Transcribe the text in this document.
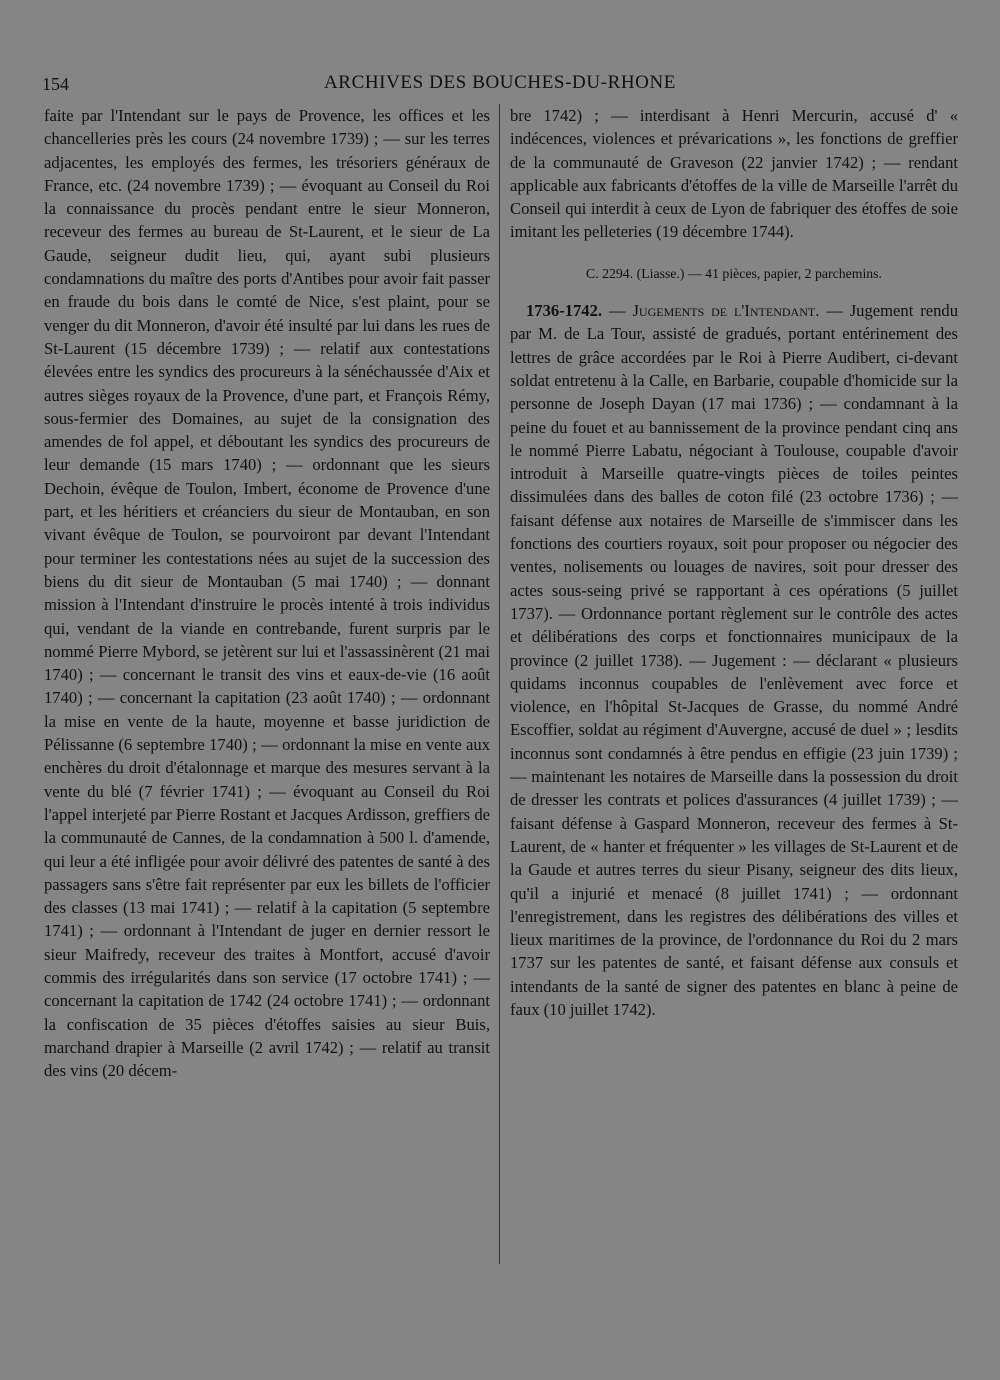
154	ARCHIVES DES BOUCHES-DU-RHONE

faite par l'Intendant sur le pays de Provence, les offices et les chancelleries près les cours (24 novembre 1739) ; — sur les terres adjacentes, les employés des fermes, les trésoriers généraux de France, etc. (24 novembre 1739) ; — évoquant au Conseil du Roi la connaissance du procès pendant entre le sieur Monneron, receveur des fermes au bureau de St-Laurent, et le sieur de La Gaude, seigneur dudit lieu, qui, ayant subi plusieurs condamnations du maître des ports d'Antibes pour avoir fait passer en fraude du bois dans le comté de Nice, s'est plaint, pour se venger du dit Monneron, d'avoir été insulté par lui dans les rues de St-Laurent (15 décembre 1739) ; — relatif aux contestations élevées entre les syndics des procureurs à la sénéchaussée d'Aix et autres sièges royaux de la Provence, d'une part, et François Rémy, sous-fermier des Domaines, au sujet de la consignation des amendes de fol appel, et déboutant les syndics des procureurs de leur demande (15 mars 1740) ; — ordonnant que les sieurs Dechoin, évêque de Toulon, Imbert, économe de Provence d'une part, et les héritiers et créanciers du sieur de Montauban, en son vivant évêque de Toulon, se pourvoiront par devant l'Intendant pour terminer les contestations nées au sujet de la succession des biens du dit sieur de Montauban (5 mai 1740) ; — donnant mission à l'Intendant d'instruire le procès intenté à trois individus qui, vendant de la viande en contrebande, furent surpris par le nommé Pierre Mybord, se jetèrent sur lui et l'assassinèrent (21 mai 1740) ; — concernant le transit des vins et eaux-de-vie (16 août 1740) ; — concernant la capitation (23 août 1740) ; — ordonnant la mise en vente de la haute, moyenne et basse juridiction de Pélissanne (6 septembre 1740) ; — ordonnant la mise en vente aux enchères du droit d'étalonnage et marque des mesures servant à la vente du blé (7 février 1741) ; — évoquant au Conseil du Roi l'appel interjeté par Pierre Rostant et Jacques Ardisson, greffiers de la communauté de Cannes, de la condamnation à 500 l. d'amende, qui leur a été infligée pour avoir délivré des patentes de santé à des passagers sans s'être fait représenter par eux les billets de l'officier des classes (13 mai 1741) ; — relatif à la capitation (5 septembre 1741) ; — ordonnant à l'Intendant de juger en dernier ressort le sieur Maifredy, receveur des traites à Montfort, accusé d'avoir commis des irrégularités dans son service (17 octobre 1741) ; — concernant la capitation de 1742 (24 octobre 1741) ; — ordonnant la confiscation de 35 pièces d'étoffes saisies au sieur Buis, marchand drapier à Marseille (2 avril 1742) ; — relatif au transit des vins (20 décem-

bre 1742) ; — interdisant à Henri Mercurin, accusé d' « indécences, violences et prévarications », les fonctions de greffier de la communauté de Graveson (22 janvier 1742) ; — rendant applicable aux fabricants d'étoffes de la ville de Marseille l'arrêt du Conseil qui interdit à ceux de Lyon de fabriquer des étoffes de soie imitant les pelleteries (19 décembre 1744).

C. 2294. (Liasse.) — 41 pièces, papier, 2 parchemins.

1736-1742. — Jugements de l'Intendant. — Jugement rendu par M. de La Tour, assisté de gradués, portant entérinement des lettres de grâce accordées par le Roi à Pierre Audibert, ci-devant soldat entretenu à la Calle, en Barbarie, coupable d'homicide sur la personne de Joseph Dayan (17 mai 1736) ; — condamnant à la peine du fouet et au bannissement de la province pendant cinq ans le nommé Pierre Labatu, négociant à Toulouse, coupable d'avoir introduit à Marseille quatre-vingts pièces de toiles peintes dissimulées dans des balles de coton filé (23 octobre 1736) ; — faisant défense aux notaires de Marseille de s'immiscer dans les fonctions des courtiers royaux, soit pour proposer ou négocier des ventes, nolisements ou louages de navires, soit pour dresser des actes sous-seing privé se rapportant à ces opérations (5 juillet 1737). — Ordonnance portant règlement sur le contrôle des actes et délibérations des corps et fonctionnaires municipaux de la province (2 juillet 1738). — Jugement : — déclarant « plusieurs quidams inconnus coupables de l'enlèvement avec force et violence, en l'hôpital St-Jacques de Grasse, du nommé André Escoffier, soldat au régiment d'Auvergne, accusé de duel » ; lesdits inconnus sont condamnés à être pendus en effigie (23 juin 1739) ; — maintenant les notaires de Marseille dans la possession du droit de dresser les contrats et polices d'assurances (4 juillet 1739) ; — faisant défense à Gaspard Monneron, receveur des fermes à St-Laurent, de « hanter et fréquenter » les villages de St-Laurent et de la Gaude et autres terres du sieur Pisany, seigneur des dits lieux, qu'il a injurié et menacé (8 juillet 1741) ; — ordonnant l'enregistrement, dans les registres des délibérations des villes et lieux maritimes de la province, de l'ordonnance du Roi du 2 mars 1737 sur les patentes de santé, et faisant défense aux consuls et intendants de la santé de signer des patentes en blanc à peine de faux (10 juillet 1742).
